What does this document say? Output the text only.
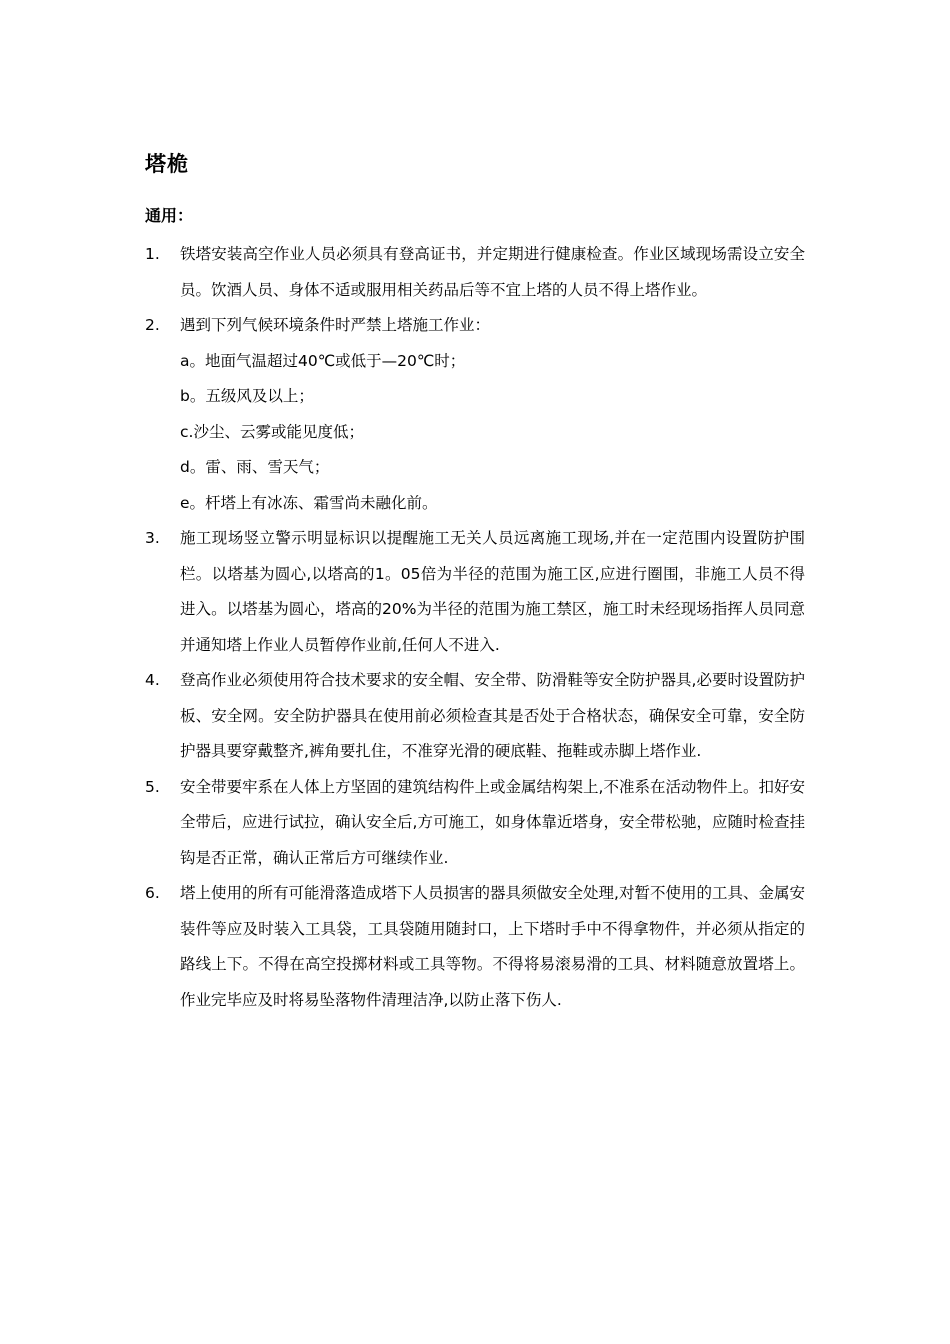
塔桅
通用：
1.	铁塔安装高空作业人员必须具有登高证书，并定期进行健康检查。作业区域现场需设立安全员。饮酒人员、身体不适或服用相关药品后等不宜上塔的人员不得上塔作业。
2.	遇到下列气候环境条件时严禁上塔施工作业：
a。地面气温超过40℃或低于—20℃时；
b。五级风及以上；
c.沙尘、云雾或能见度低；
d。雷、雨、雪天气；
e。杆塔上有冰冻、霜雪尚未融化前。
3.	施工现场竖立警示明显标识以提醒施工无关人员远离施工现场,并在一定范围内设置防护围栏。以塔基为圆心,以塔高的1。05倍为半径的范围为施工区,应进行圈围，非施工人员不得进入。以塔基为圆心，塔高的20%为半径的范围为施工禁区，施工时未经现场指挥人员同意并通知塔上作业人员暂停作业前,任何人不进入.
4.	登高作业必须使用符合技术要求的安全帽、安全带、防滑鞋等安全防护器具,必要时设置防护板、安全网。安全防护器具在使用前必须检查其是否处于合格状态，确保安全可靠，安全防护器具要穿戴整齐,裤角要扎住，不准穿光滑的硬底鞋、拖鞋或赤脚上塔作业.
5.	安全带要牢系在人体上方坚固的建筑结构件上或金属结构架上,不准系在活动物件上。扣好安全带后，应进行试拉，确认安全后,方可施工，如身体靠近塔身，安全带松驰，应随时检查挂钩是否正常，确认正常后方可继续作业.
6.	塔上使用的所有可能滑落造成塔下人员损害的器具须做安全处理,对暂不使用的工具、金属安装件等应及时装入工具袋，工具袋随用随封口，上下塔时手中不得拿物件，并必须从指定的路线上下。不得在高空投掷材料或工具等物。不得将易滚易滑的工具、材料随意放置塔上。作业完毕应及时将易坠落物件清理洁净,以防止落下伤人.
